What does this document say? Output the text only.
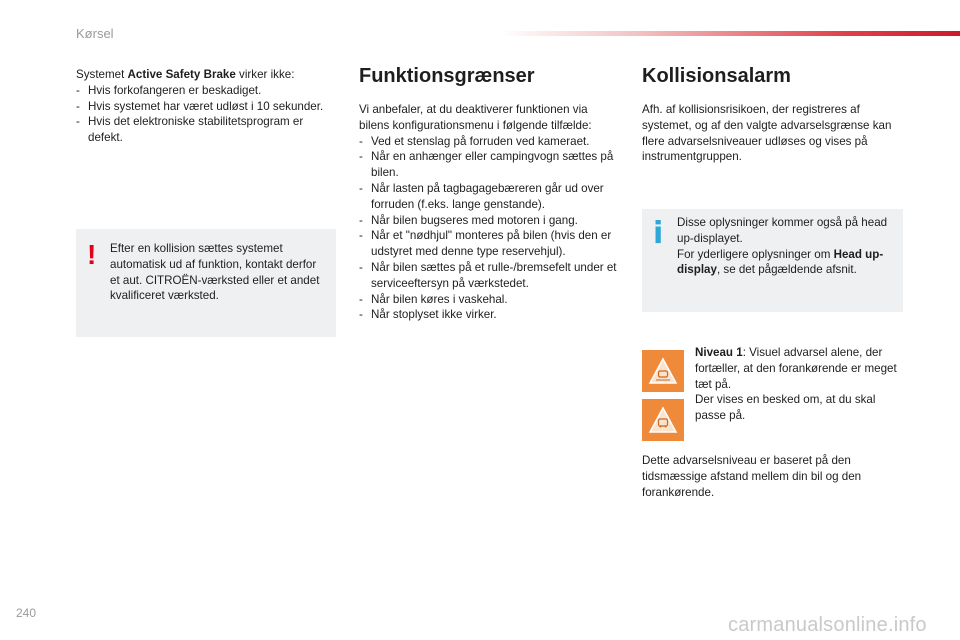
Kørsel

Systemet Active Safety Brake virker ikke:

- Hvis forkofangeren er beskadiget.
- Hvis systemet har været udløst i 10 sekunder.
- Hvis det elektroniske stabilitetsprogram er defekt.
! Efter en kollision sættes systemet automatisk ud af funktion, kontakt derfor et aut. CITROËN-værksted eller et andet kvalificeret værksted.
Funktionsgrænser

Vi anbefaler, at du deaktiverer funktionen via bilens konfigurationsmenu i følgende tilfælde:

- Ved et stenslag på forruden ved kameraet.
- Når en anhænger eller campingvogn sættes på bilen.
- Når lasten på tagbagagebæreren går ud over forruden (f.eks. lange genstande).
- Når bilen bugseres med motoren i gang.
- Når et "nødhjul" monteres på bilen (hvis den er udstyret med denne type reservehjul).
- Når bilen sættes på et rulle-/bremsefelt under et serviceeftersyn på værkstedet.
- Når bilen køres i vaskehal.
- Når stoplyset ikke virker.
Kollisionsalarm

Afh. af kollisionsrisikoen, der registreres af systemet, og af den valgte advarselsgrænse kan flere advarselsniveauer udløses og vises på instrumentgruppen.

i Disse oplysninger kommer også på head up-displayet.
For yderligere oplysninger om Head up-display, se det pågældende afsnit.
Niveau 1: Visuel advarsel alene, der fortæller, at den forankørende er meget tæt på.
Der vises en besked om, at du skal passe på.
Dette advarselsniveau er baseret på den tidsmæssige afstand mellem din bil og den forankørende.
240
carmanualsonline.info
